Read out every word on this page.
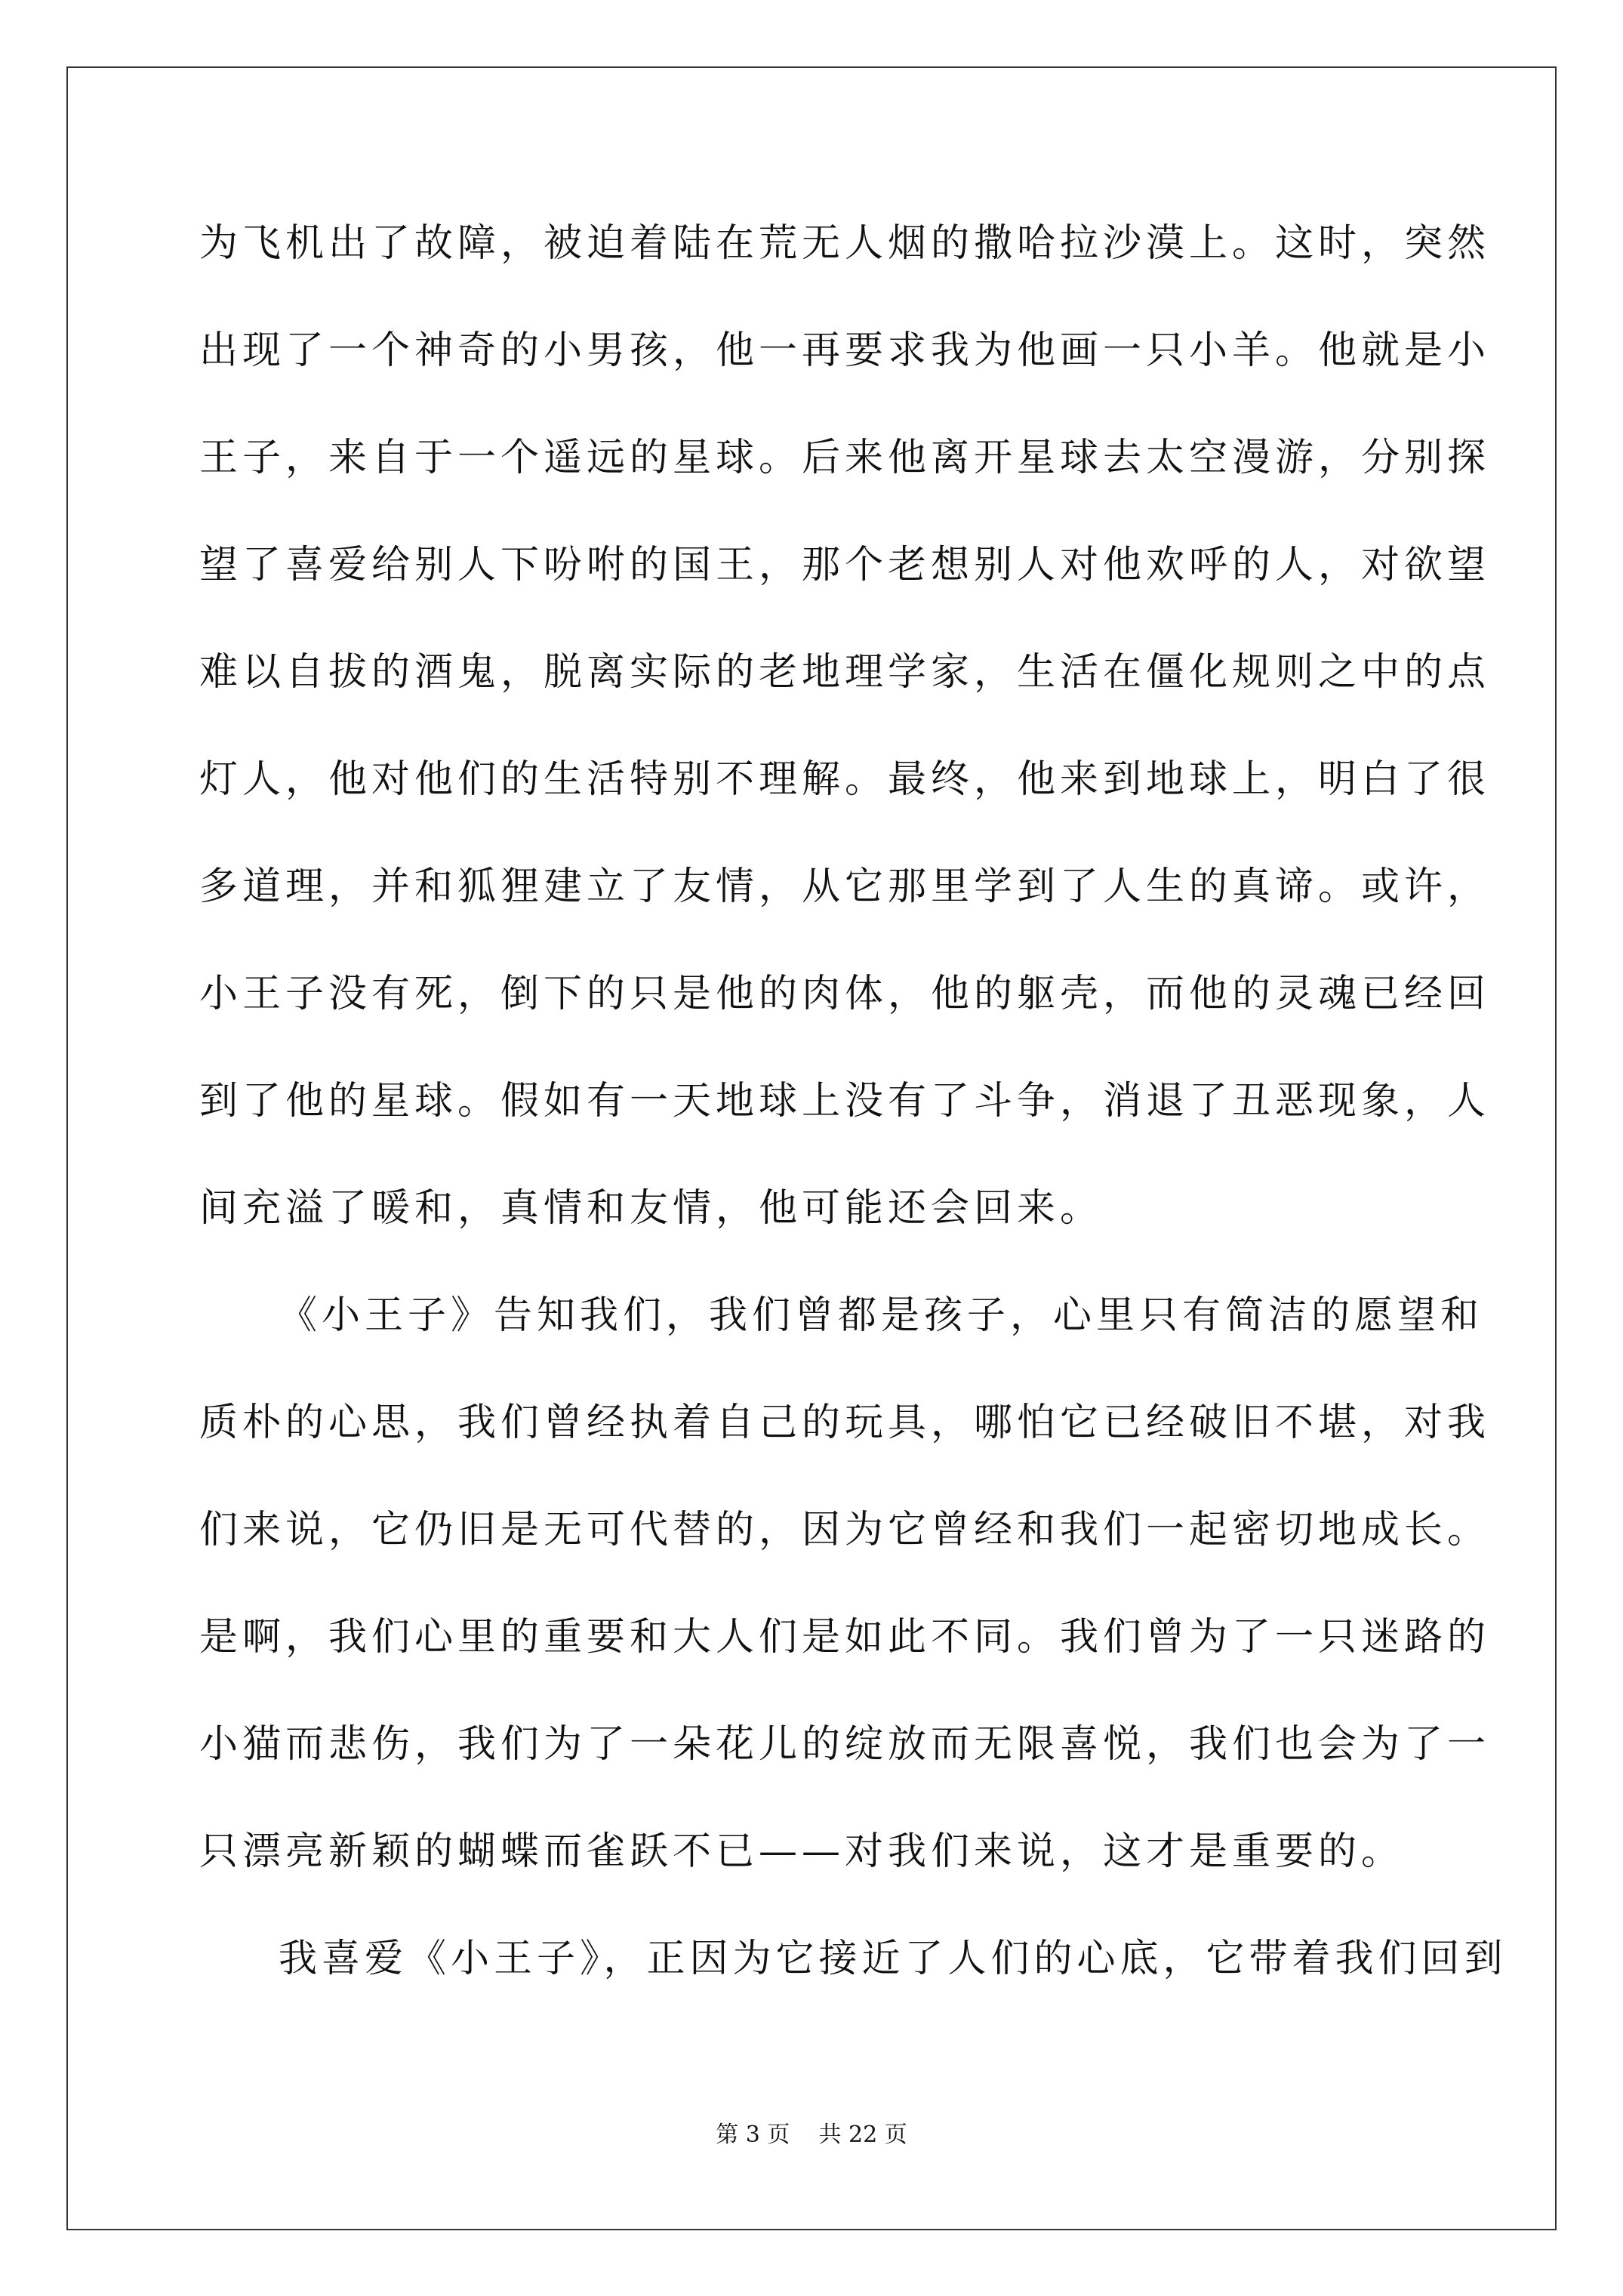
为飞机出了故障，被迫着陆在荒无人烟的撒哈拉沙漠上。这时，突然
出现了一个神奇的小男孩，他一再要求我为他画一只小羊。他就是小
王子，来自于一个遥远的星球。后来他离开星球去太空漫游，分别探
望了喜爱给别人下吩咐的国王，那个老想别人对他欢呼的人，对欲望
难以自拔的酒鬼，脱离实际的老地理学家，生活在僵化规则之中的点
灯人，他对他们的生活特别不理解。最终，他来到地球上，明白了很
多道理，并和狐狸建立了友情，从它那里学到了人生的真谛。或许，
小王子没有死，倒下的只是他的肉体，他的躯壳，而他的灵魂已经回
到了他的星球。假如有一天地球上没有了斗争，消退了丑恶现象，人
间充溢了暖和，真情和友情，他可能还会回来。
《小王子》告知我们，我们曾都是孩子，心里只有简洁的愿望和
质朴的心思，我们曾经执着自己的玩具，哪怕它已经破旧不堪，对我
们来说，它仍旧是无可代替的，因为它曾经和我们一起密切地成长。
是啊，我们心里的重要和大人们是如此不同。我们曾为了一只迷路的
小猫而悲伤，我们为了一朵花儿的绽放而无限喜悦，我们也会为了一
只漂亮新颖的蝴蝶而雀跃不已——对我们来说，这才是重要的。
我喜爱《小王子》，正因为它接近了人们的心底，它带着我们回到
第 3 页    共 22 页
